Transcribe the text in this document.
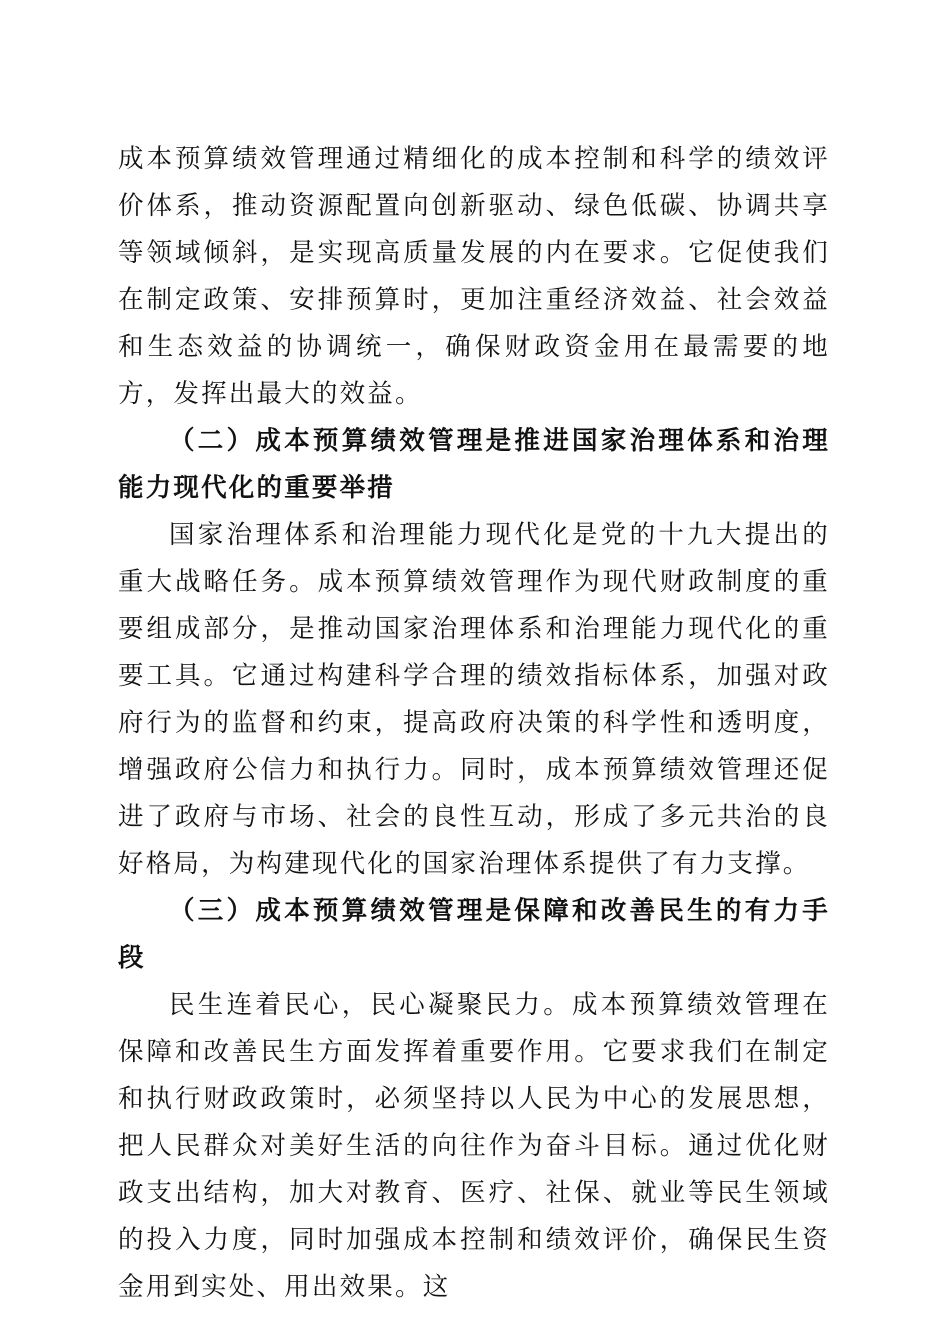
成本预算绩效管理通过精细化的成本控制和科学的绩效评价体系，推动资源配置向创新驱动、绿色低碳、协调共享等领域倾斜，是实现高质量发展的内在要求。它促使我们在制定政策、安排预算时，更加注重经济效益、社会效益和生态效益的协调统一，确保财政资金用在最需要的地方，发挥出最大的效益。

（二）成本预算绩效管理是推进国家治理体系和治理能力现代化的重要举措

国家治理体系和治理能力现代化是党的十九大提出的重大战略任务。成本预算绩效管理作为现代财政制度的重要组成部分，是推动国家治理体系和治理能力现代化的重要工具。它通过构建科学合理的绩效指标体系，加强对政府行为的监督和约束，提高政府决策的科学性和透明度，增强政府公信力和执行力。同时，成本预算绩效管理还促进了政府与市场、社会的良性互动，形成了多元共治的良好格局，为构建现代化的国家治理体系提供了有力支撑。

（三）成本预算绩效管理是保障和改善民生的有力手段

民生连着民心，民心凝聚民力。成本预算绩效管理在保障和改善民生方面发挥着重要作用。它要求我们在制定和执行财政政策时，必须坚持以人民为中心的发展思想，把人民群众对美好生活的向往作为奋斗目标。通过优化财政支出结构，加大对教育、医疗、社保、就业等民生领域的投入力度，同时加强成本控制和绩效评价，确保民生资金用到实处、用出效果。这
